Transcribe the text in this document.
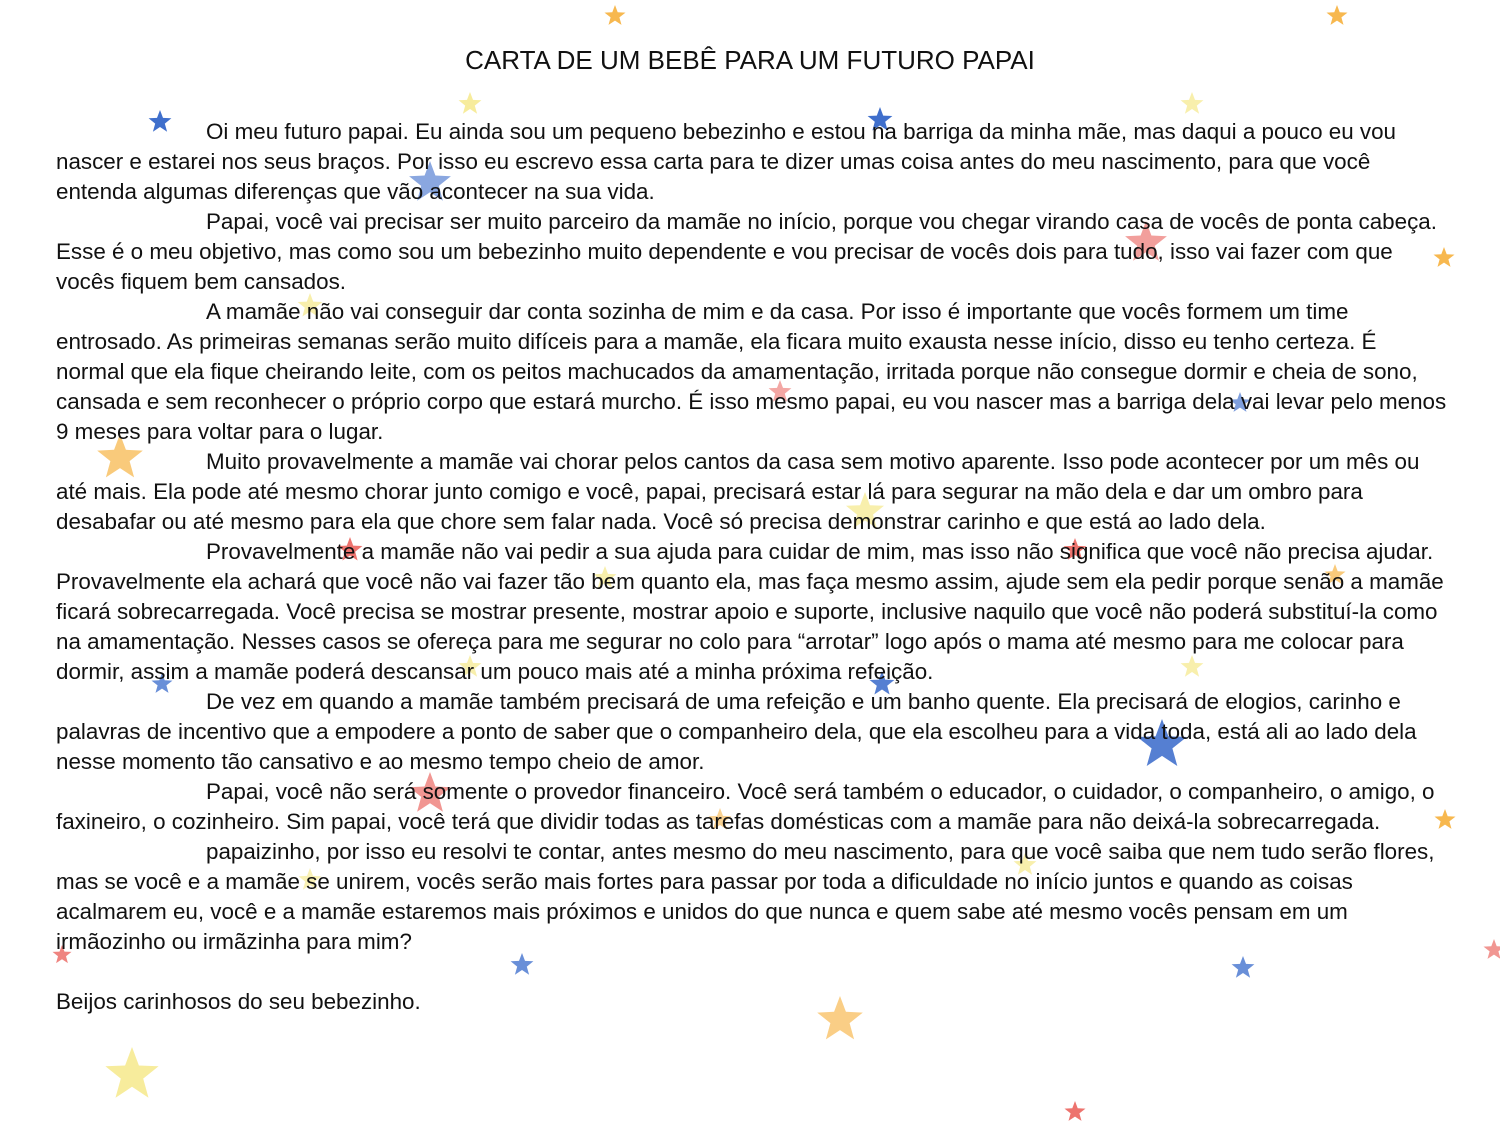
CARTA DE UM BEBÊ PARA UM FUTURO PAPAI

Oi meu futuro papai. Eu ainda sou um pequeno bebezinho e estou na barriga da minha mãe, mas daqui a pouco eu vou nascer e estarei nos seus braços. Por isso eu escrevo essa carta para te dizer umas coisa antes do meu nascimento, para que você entenda algumas diferenças que vão acontecer na sua vida.

Papai, você vai precisar ser muito parceiro da mamãe no início, porque vou chegar virando casa de vocês de ponta cabeça. Esse é o meu objetivo, mas como sou um bebezinho muito dependente e vou precisar de vocês dois para tudo, isso vai fazer com que vocês fiquem bem cansados.

A mamãe não vai conseguir dar conta sozinha de mim e da casa. Por isso é importante que vocês formem um time entrosado. As primeiras semanas serão muito difíceis para a mamãe, ela ficara muito exausta nesse início, disso eu tenho certeza. É normal que ela fique cheirando leite, com os peitos machucados da amamentação, irritada porque não consegue dormir e cheia de sono, cansada e sem reconhecer o próprio corpo que estará murcho. É isso mesmo papai, eu vou nascer mas a barriga dela vai levar pelo menos 9 meses para voltar para o lugar.

Muito provavelmente a mamãe vai chorar pelos cantos da casa sem motivo aparente. Isso pode acontecer por um mês ou até mais. Ela pode até mesmo chorar junto comigo e você, papai, precisará estar lá para segurar na mão dela e dar um ombro para desabafar ou até mesmo para ela que chore sem falar nada. Você só precisa demonstrar carinho e que está ao lado dela.

Provavelmente a mamãe não vai pedir a sua ajuda para cuidar de mim, mas isso não significa que você não precisa ajudar. Provavelmente ela achará que você não vai fazer tão bem quanto ela, mas faça mesmo assim, ajude sem ela pedir porque senão a mamãe ficará sobrecarregada. Você precisa se mostrar presente, mostrar apoio e suporte, inclusive naquilo que você não poderá substituí-la como na amamentação. Nesses casos se ofereça para me segurar no colo para “arrotar” logo após o mama até mesmo para me colocar para dormir, assim a mamãe poderá descansar um pouco mais até a minha próxima refeição.

De vez em quando a mamãe também precisará de uma refeição e um banho quente. Ela precisará de elogios, carinho e palavras de incentivo que a empodere a ponto de saber que o companheiro dela, que ela escolheu para a vida toda, está ali ao lado dela nesse momento tão cansativo e ao mesmo tempo cheio de amor.

Papai, você não será somente o provedor financeiro. Você será também o educador, o cuidador, o companheiro, o amigo, o faxineiro, o cozinheiro. Sim papai, você terá que dividir todas as tarefas domésticas com a mamãe para não deixá-la sobrecarregada.

papaizinho, por isso eu resolvi te contar, antes mesmo do meu nascimento, para que você saiba que nem tudo serão flores, mas se você e a mamãe se unirem, vocês serão mais fortes para passar por toda a dificuldade no início juntos e quando as coisas acalmarem eu, você e a mamãe estaremos mais próximos e unidos do que nunca e quem sabe até mesmo vocês pensam em um irmãozinho ou irmãzinha para mim?

Beijos carinhosos do seu bebezinho.
